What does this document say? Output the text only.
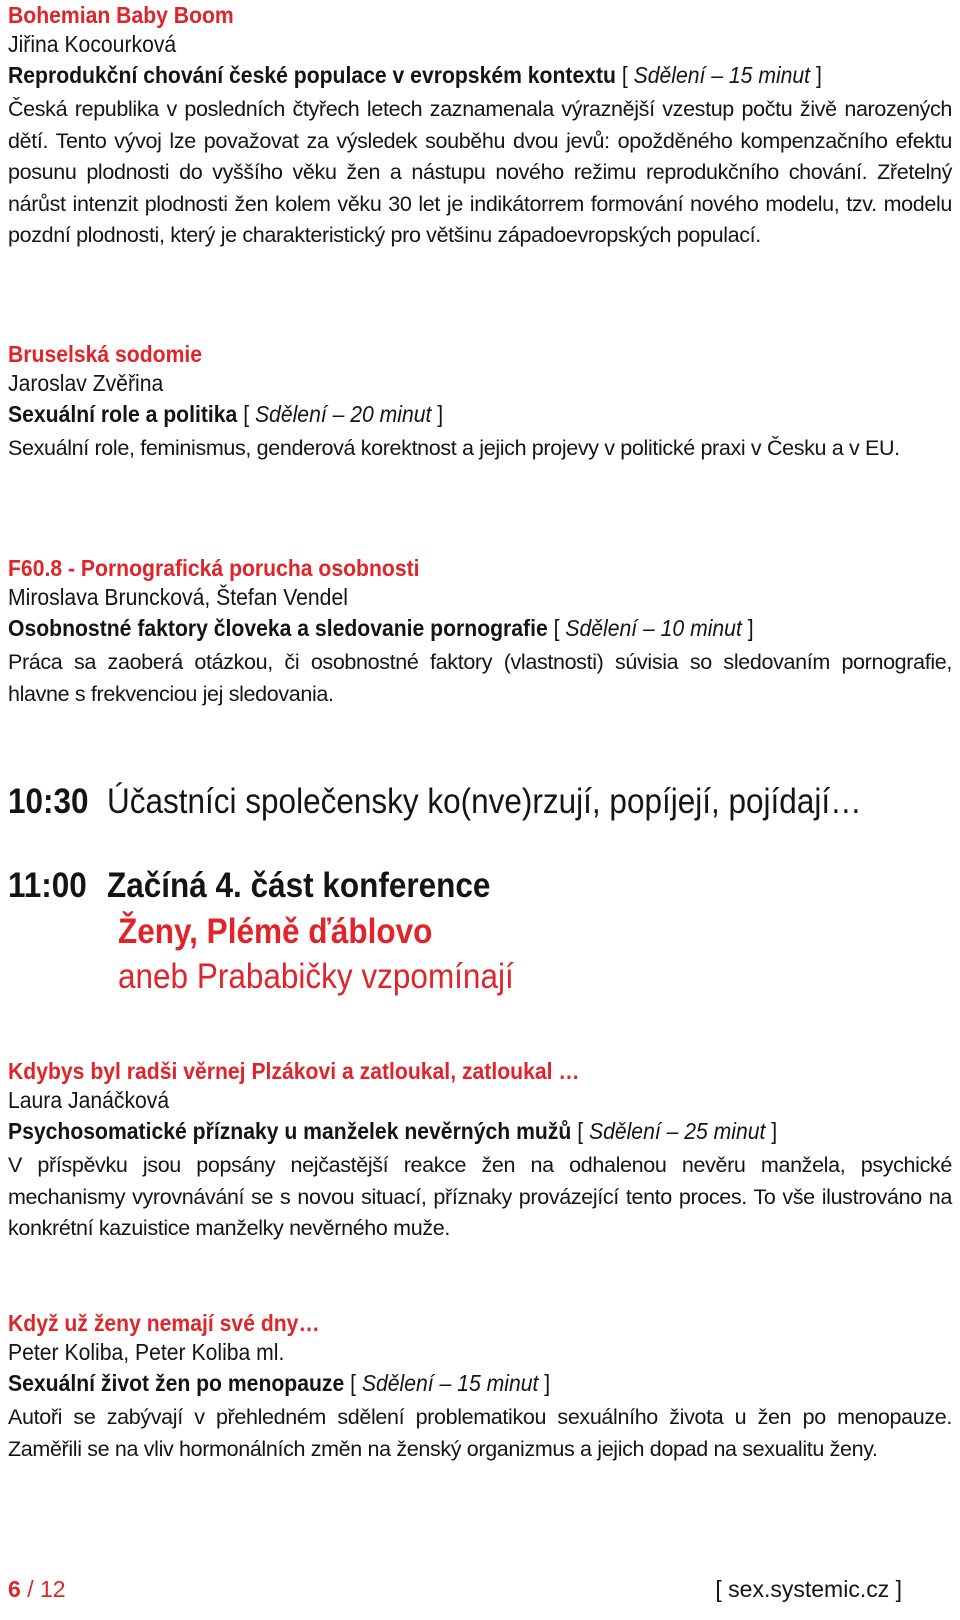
Bohemian Baby Boom

Jiřina Kocourková

Reprodukční chování české populace v evropském kontextu [ Sdělení – 15 minut ]

Česká republika v posledních čtyřech letech zaznamenala výraznější vzestup počtu živě narozených dětí. Tento vývoj lze považovat za výsledek souběhu dvou jevů: opožděného kompenzačního efektu posunu plodnosti do vyššího věku žen a nástupu nového režimu reprodukčního chování. Zřetelný nárůst intenzit plodnosti žen kolem věku 30 let je indikátorrem formování nového modelu, tzv. modelu pozdní plodnosti, který je charakteristický pro většinu západoevropských populací.

Bruselská sodomie

Jaroslav Zvěřina

Sexuální role a politika [ Sdělení – 20 minut ]

Sexuální role, feminismus, genderová korektnost a jejich projevy v politické praxi v Česku a v EU.

F60.8 - Pornografická porucha osobnosti

Miroslava Bruncková, Štefan Vendel

Osobnostné faktory človeka a sledovanie pornografie [ Sdělení – 10 minut ]

Práca sa zaoberá otázkou, či osobnostné faktory (vlastnosti) súvisia so sledovaním pornografie, hlavne s frekvenciou jej sledovania.

10:30 Účastníci společensky ko(nve)rzují, popíjejí, pojídají…
11:00 Začíná 4. část konference
Ženy, Plémě ďáblovo
aneb Prababičky vzpomínají

Kdybys byl radši věrnej Plzákovi a zatloukal, zatloukal …

Laura Janáčková

Psychosomatické příznaky u manželek nevěrných mužů [ Sdělení – 25 minut ]

V příspěvku jsou popsány nejčastější reakce žen na odhalenou nevěru manžela, psychické mechanismy vyrovnávání se s novou situací, příznaky provázející tento proces. To vše ilustrováno na konkrétní kazuistice manželky nevěrného muže.

Když už ženy nemají své dny…

Peter Koliba, Peter Koliba ml.

Sexuální život žen po menopauze [ Sdělení – 15 minut ]

Autoři se zabývají v přehledném sdělení problematikou sexuálního života u žen po menopauze. Zaměřili se na vliv hormonálních změn na ženský organizmus a jejich dopad na sexualitu ženy.

6 / 12	[ sex.systemic.cz ]
